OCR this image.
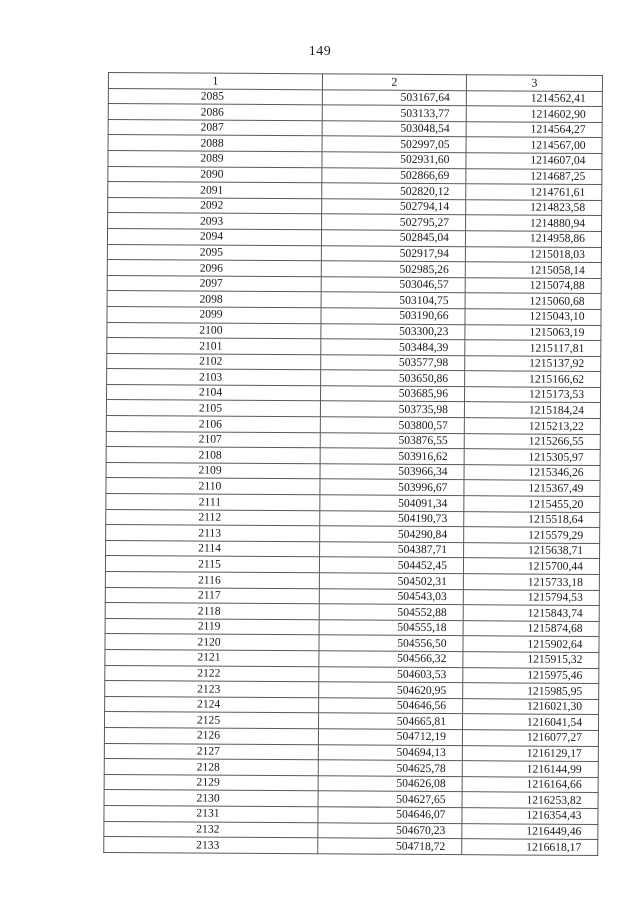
149
1	2	3
2085	503167,64	1214562,41
2086	503133,77	1214602,90
2087	503048,54	1214564,27
2088	502997,05	1214567,00
2089	502931,60	1214607,04
2090	502866,69	1214687,25
2091	502820,12	1214761,61
2092	502794,14	1214823,58
2093	502795,27	1214880,94
2094	502845,04	1214958,86
2095	502917,94	1215018,03
2096	502985,26	1215058,14
2097	503046,57	1215074,88
2098	503104,75	1215060,68
2099	503190,66	1215043,10
2100	503300,23	1215063,19
2101	503484,39	1215117,81
2102	503577,98	1215137,92
2103	503650,86	1215166,62
2104	503685,96	1215173,53
2105	503735,98	1215184,24
2106	503800,57	1215213,22
2107	503876,55	1215266,55
2108	503916,62	1215305,97
2109	503966,34	1215346,26
2110	503996,67	1215367,49
2111	504091,34	1215455,20
2112	504190,73	1215518,64
2113	504290,84	1215579,29
2114	504387,71	1215638,71
2115	504452,45	1215700,44
2116	504502,31	1215733,18
2117	504543,03	1215794,53
2118	504552,88	1215843,74
2119	504555,18	1215874,68
2120	504556,50	1215902,64
2121	504566,32	1215915,32
2122	504603,53	1215975,46
2123	504620,95	1215985,95
2124	504646,56	1216021,30
2125	504665,81	1216041,54
2126	504712,19	1216077,27
2127	504694,13	1216129,17
2128	504625,78	1216144,99
2129	504626,08	1216164,66
2130	504627,65	1216253,82
2131	504646,07	1216354,43
2132	504670,23	1216449,46
2133	504718,72	1216618,17
